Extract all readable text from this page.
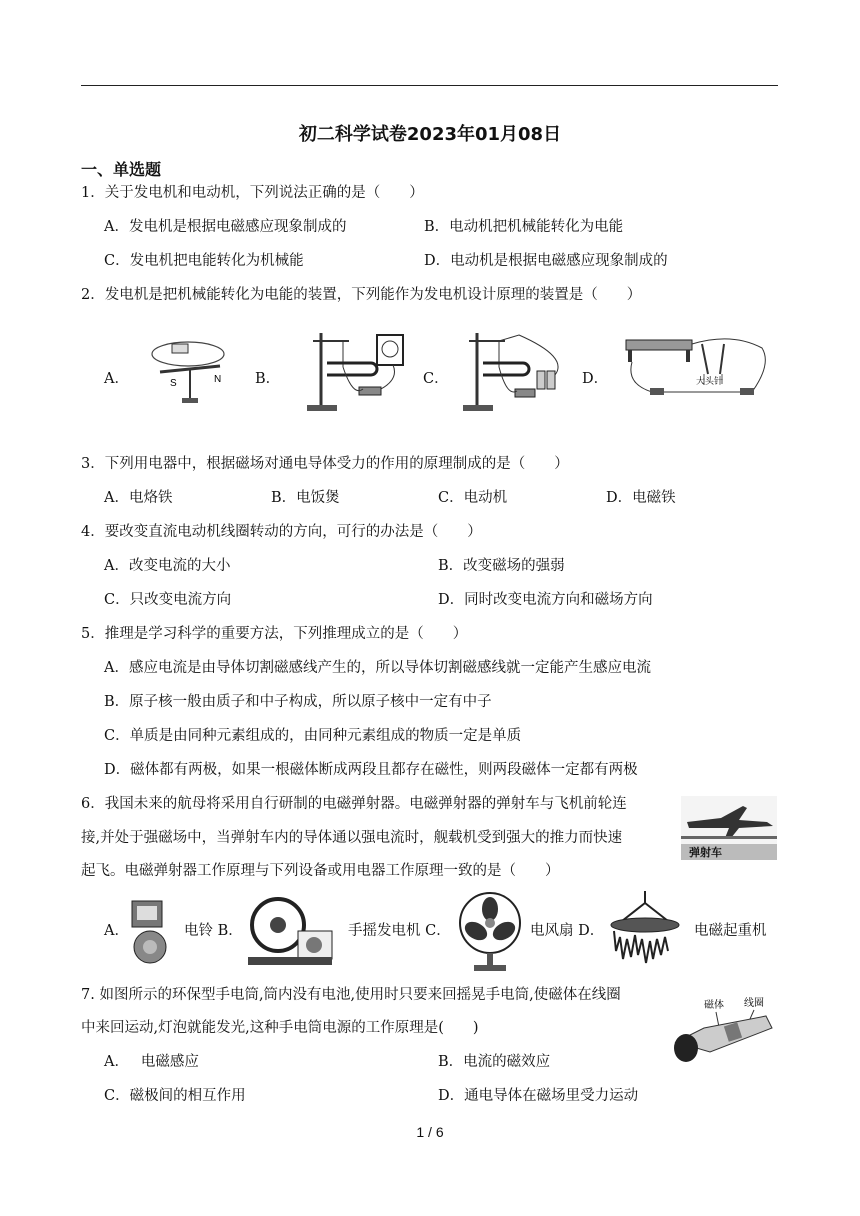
初二科学试卷2023年01月08日
一、单选题
1．关于发电机和电动机，下列说法正确的是（　　）
A．发电机是根据电磁感应现象制成的	B．电动机把机械能转化为电能
C．发电机把电能转化为机械能	D．电动机是根据电磁感应现象制成的
2．发电机是把机械能转化为电能的装置，下列能作为发电机设计原理的装置是（　　）
A．	B．	C．	D．
S	N	大头针
3．下列用电器中，根据磁场对通电导体受力的作用的原理制成的是（　　）
A．电烙铁	B．电饭煲	C．电动机	D．电磁铁
4．要改变直流电动机线圈转动的方向，可行的办法是（　　）
A．改变电流的大小	B．改变磁场的强弱
C．只改变电流方向	D．同时改变电流方向和磁场方向
5．推理是学习科学的重要方法，下列推理成立的是（　　）
A．感应电流是由导体切割磁感线产生的，所以导体切割磁感线就一定能产生感应电流
B．原子核一般由质子和中子构成，所以原子核中一定有中子
C．单质是由同种元素组成的，由同种元素组成的物质一定是单质
D．磁体都有两极，如果一根磁体断成两段且都存在磁性，则两段磁体一定都有两极
6．我国未来的航母将采用自行研制的电磁弹射器。电磁弹射器的弹射车与飞机前轮连
接,并处于强磁场中，当弹射车内的导体通以强电流时，舰载机受到强大的推力而快速
起飞。电磁弹射器工作原理与下列设备或用电器工作原理一致的是（　　）
弹射车
A．	电铃 B．	手摇发电机 C．	电风扇 D．	电磁起重机
7. 如图所示的环保型手电筒,筒内没有电池,使用时只要来回摇晃手电筒,使磁体在线圈
中来回运动,灯泡就能发光,这种手电筒电源的工作原理是(　　)
磁体 线圈
A．　 电磁感应	B．电流的磁效应
C．磁极间的相互作用	D．通电导体在磁场里受力运动
1 / 6
